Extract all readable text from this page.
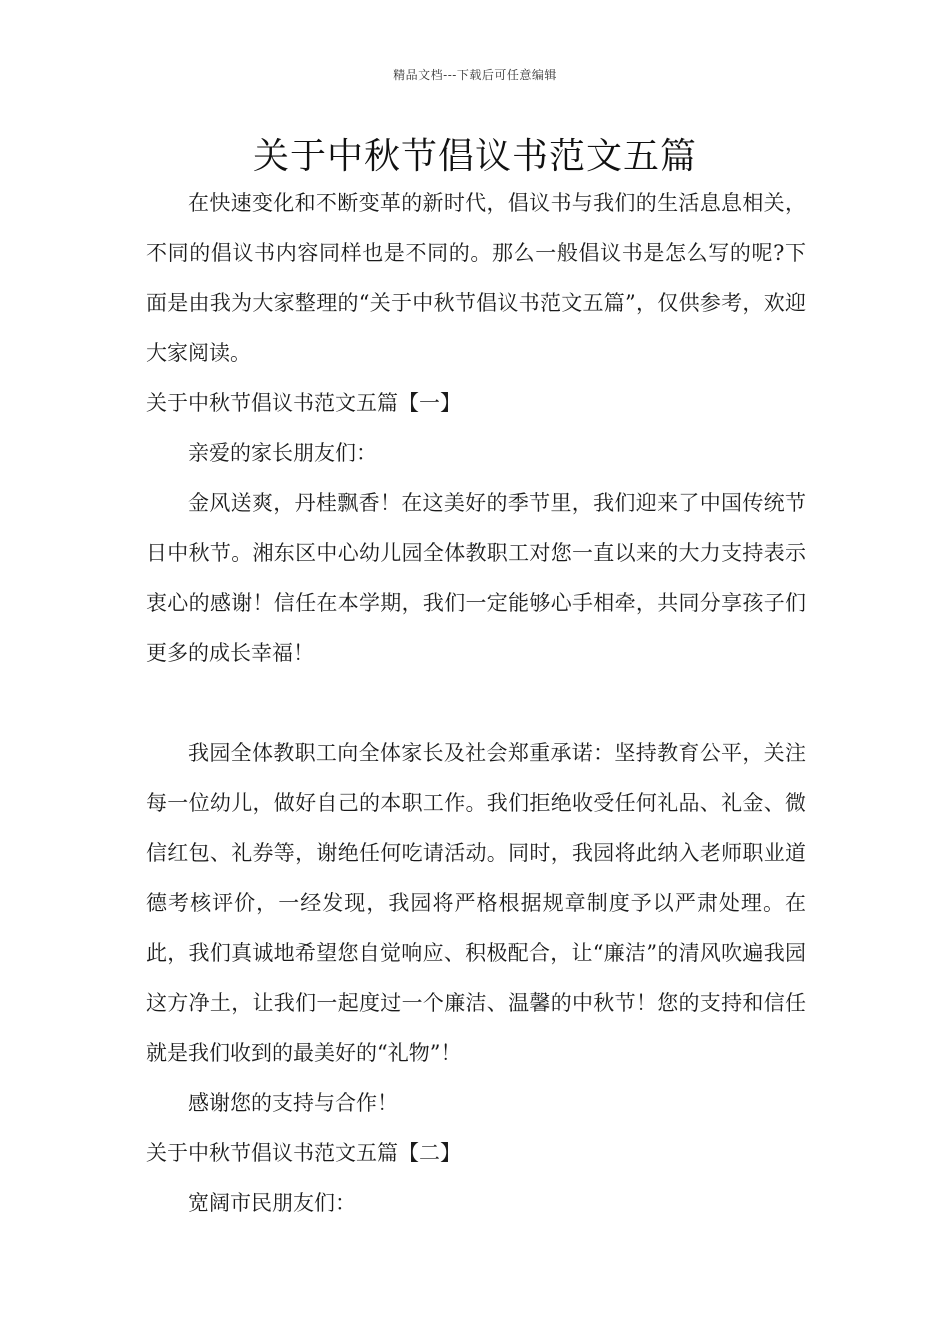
精品文档---下载后可任意编辑
关于中秋节倡议书范文五篇

在快速变化和不断变革的新时代，倡议书与我们的生活息息相关，不同的倡议书内容同样也是不同的。那么一般倡议书是怎么写的呢?下面是由我为大家整理的“关于中秋节倡议书范文五篇”，仅供参考，欢迎大家阅读。

关于中秋节倡议书范文五篇【一】

亲爱的家长朋友们：

金风送爽，丹桂飘香！在这美好的季节里，我们迎来了中国传统节日中秋节。湘东区中心幼儿园全体教职工对您一直以来的大力支持表示衷心的感谢！信任在本学期，我们一定能够心手相牵，共同分享孩子们更多的成长幸福！

我园全体教职工向全体家长及社会郑重承诺：坚持教育公平，关注每一位幼儿，做好自己的本职工作。我们拒绝收受任何礼品、礼金、微信红包、礼券等，谢绝任何吃请活动。同时，我园将此纳入老师职业道德考核评价，一经发现，我园将严格根据规章制度予以严肃处理。在此，我们真诚地希望您自觉响应、积极配合，让“廉洁”的清风吹遍我园这方净土，让我们一起度过一个廉洁、温馨的中秋节！您的支持和信任就是我们收到的最美好的“礼物”！

感谢您的支持与合作！

关于中秋节倡议书范文五篇【二】

宽阔市民朋友们：
